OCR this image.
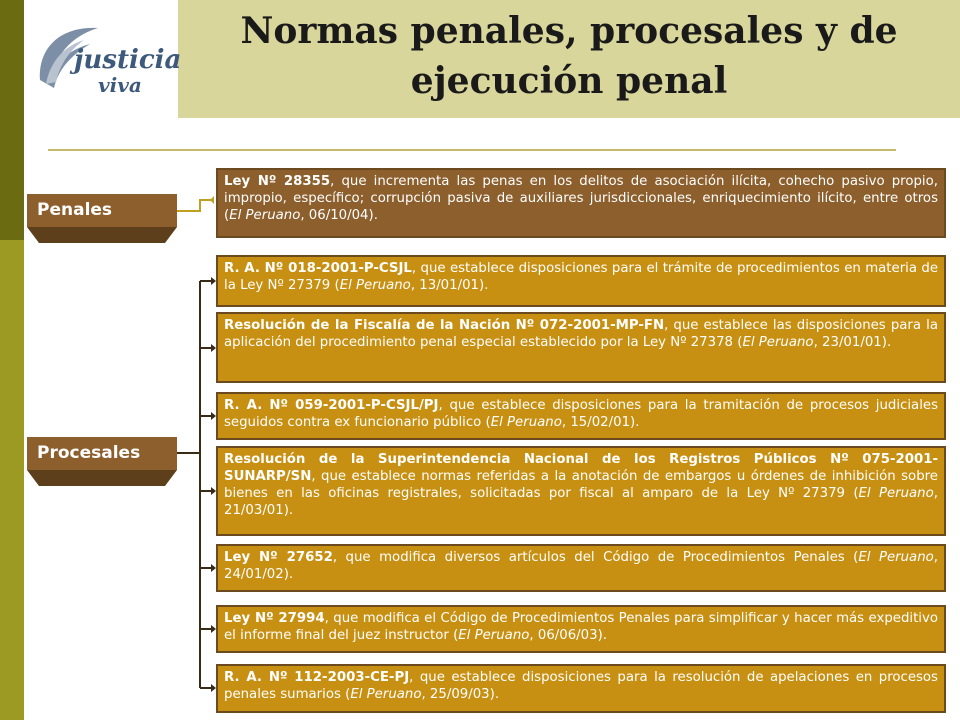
Normas penales, procesales y de
ejecución penal
justicia
viva
Penales
Procesales
Ley Nº 28355, que incrementa las penas en los delitos de asociación ilícita, cohecho pasivo propio, impropio, específico; corrupción pasiva de auxiliares jurisdiccionales, enriquecimiento ilícito, entre otros (El Peruano, 06/10/04).
R. A. Nº 018-2001-P-CSJL, que establece disposiciones para el trámite de procedimientos en materia de la Ley Nº 27379 (El Peruano, 13/01/01).
Resolución de la Fiscalía de la Nación Nº 072-2001-MP-FN, que establece las disposiciones para la aplicación del procedimiento penal especial establecido por la Ley Nº 27378 (El Peruano, 23/01/01).
R. A. Nº 059-2001-P-CSJL/PJ, que establece disposiciones para la tramitación de procesos judiciales seguidos contra ex funcionario público (El Peruano, 15/02/01).
Resolución de la Superintendencia Nacional de los Registros Públicos Nº 075-2001-SUNARP/SN, que establece normas referidas a la anotación de embargos u órdenes de inhibición sobre bienes en las oficinas registrales, solicitadas por fiscal al amparo de la Ley Nº 27379 (El Peruano, 21/03/01).
Ley Nº 27652, que modifica diversos artículos del Código de Procedimientos Penales (El Peruano, 24/01/02).
Ley Nº 27994, que modifica el Código de Procedimientos Penales para simplificar y hacer más expeditivo el informe final del juez instructor (El Peruano, 06/06/03).
R. A. Nº 112-2003-CE-PJ, que establece disposiciones para la resolución de apelaciones en procesos penales sumarios (El Peruano, 25/09/03).
